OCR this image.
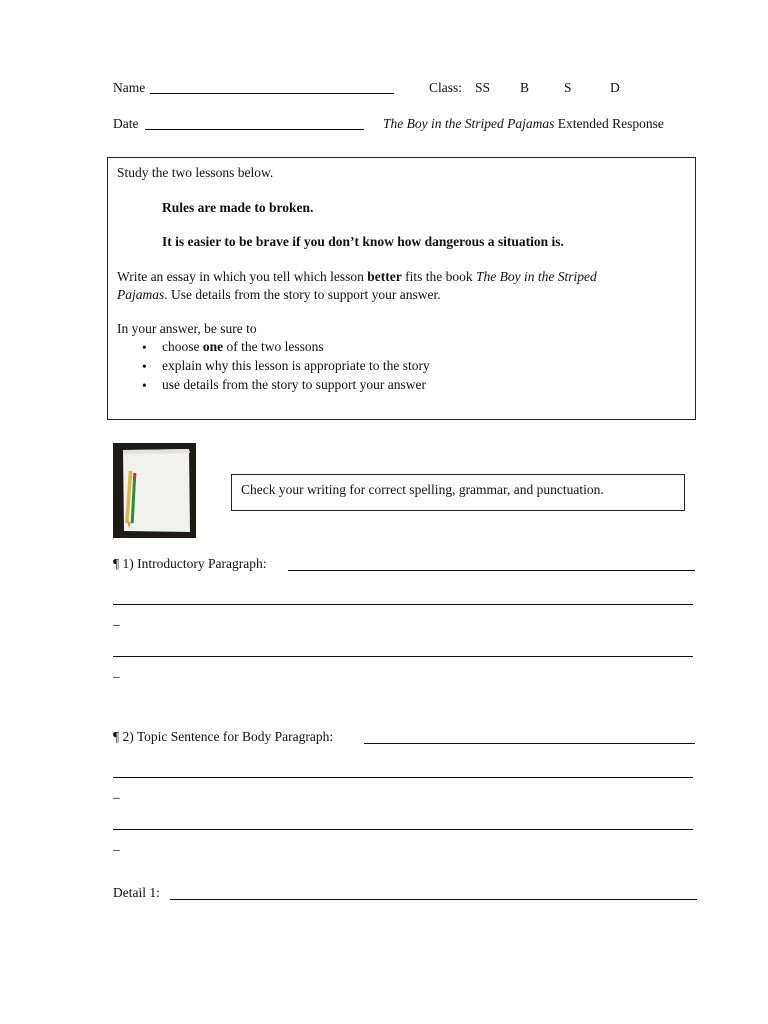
Name	Class: SS B	S	D
Date	The Boy in the Striped Pajamas Extended Response
Study the two lessons below.
Rules are made to broken.
It is easier to be brave if you don’t know how dangerous a situation is.
Write an essay in which you tell which lesson better fits the book The Boy in the Striped
Pajamas. Use details from the story to support your answer.
In your answer, be sure to
• choose one of the two lessons
• explain why this lesson is appropriate to the story
• use details from the story to support your answer
Check your writing for correct spelling, grammar, and punctuation.
¶ 1) Introductory Paragraph:
_
_
¶ 2) Topic Sentence for Body Paragraph:
_
_
Detail 1:
